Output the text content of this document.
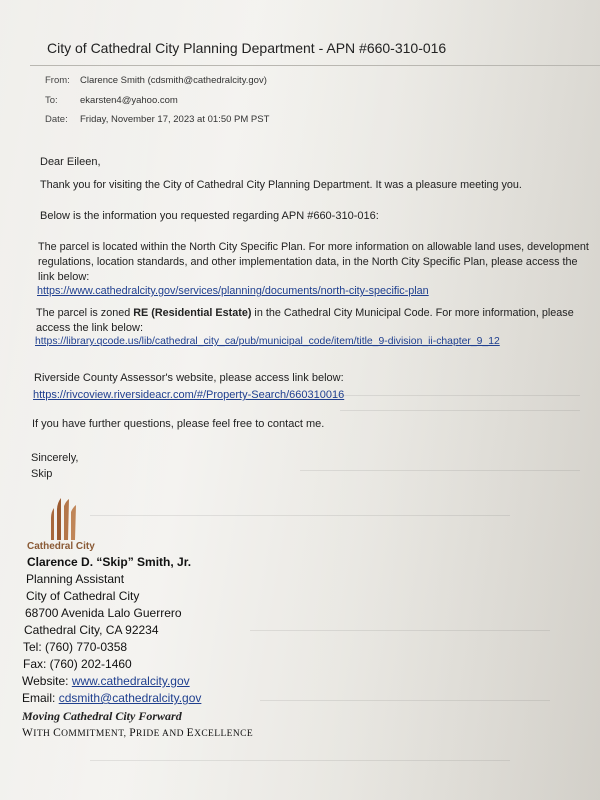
City of Cathedral City Planning Department - APN #660-310-016
From: Clarence Smith (cdsmith@cathedralcity.gov)
To: ekarsten4@yahoo.com
Date: Friday, November 17, 2023 at 01:50 PM PST
Dear Eileen,
Thank you for visiting the City of Cathedral City Planning Department. It was a pleasure meeting you.
Below is the information you requested regarding APN #660-310-016:
The parcel is located within the North City Specific Plan. For more information on allowable land uses, development
regulations, location standards, and other implementation data, in the North City Specific Plan, please access the
link below:
https://www.cathedralcity.gov/services/planning/documents/north-city-specific-plan
The parcel is zoned RE (Residential Estate) in the Cathedral City Municipal Code. For more information, please
access the link below:
https://library.qcode.us/lib/cathedral_city_ca/pub/municipal_code/item/title_9-division_ii-chapter_9_12
Riverside County Assessor's website, please access link below:
https://rivcoview.riversideacr.com/#/Property-Search/660310016
If you have further questions, please feel free to contact me.
Sincerely,
Skip
Cathedral City
Clarence D. “Skip” Smith, Jr.
Planning Assistant
City of Cathedral City
68700 Avenida Lalo Guerrero
Cathedral City, CA 92234
Tel: (760) 770-0358
Fax: (760) 202-1460
Website: www.cathedralcity.gov
Email: cdsmith@cathedralcity.gov
Moving Cathedral City Forward
WITH COMMITMENT, PRIDE AND EXCELLENCE
